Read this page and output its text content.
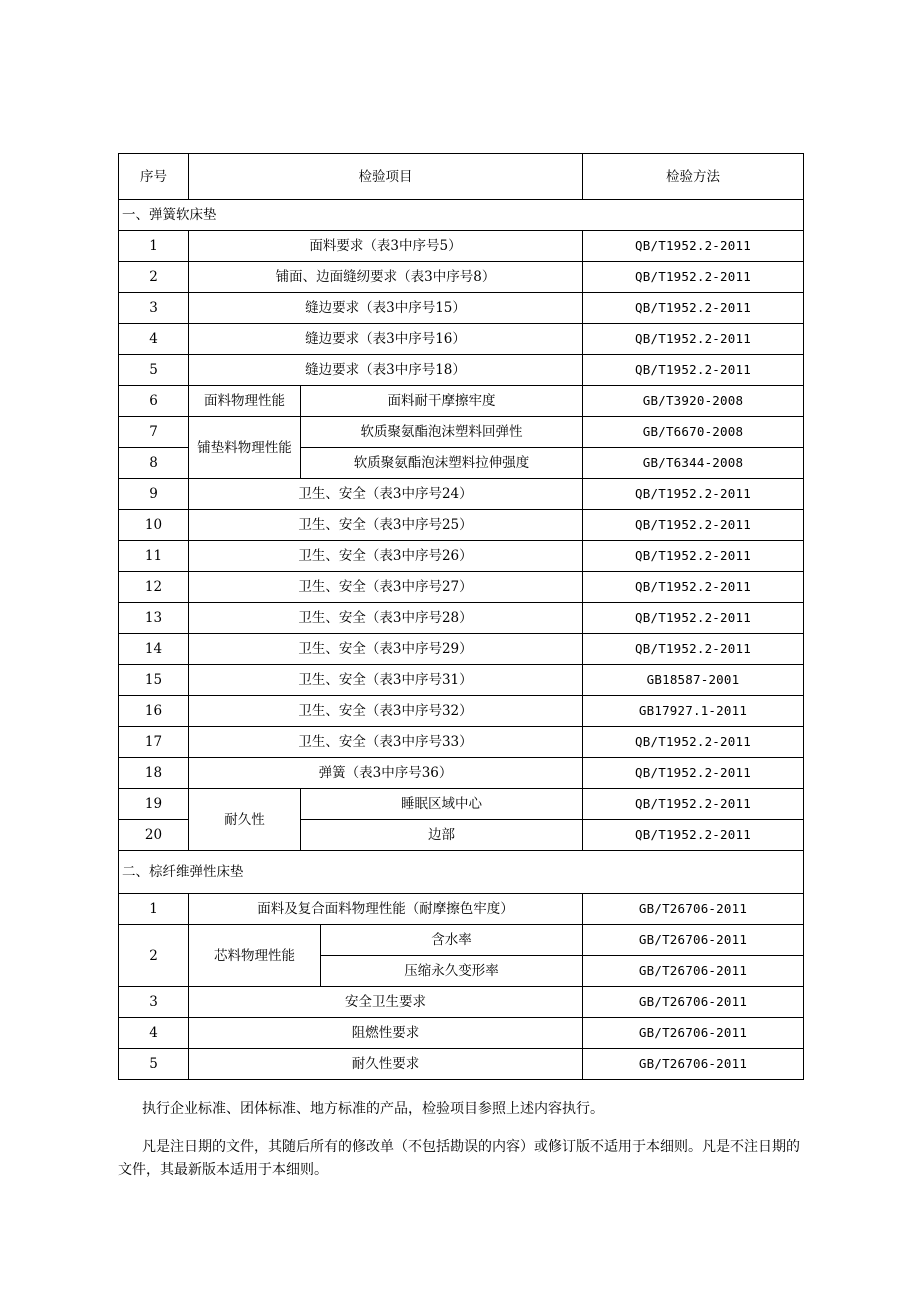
序号	检验项目			检验方法
一、弹簧软床垫				
1	面料要求（表3中序号5）			QB/T1952.2-2011
2	铺面、边面缝纫要求（表3中序号8）			QB/T1952.2-2011
3	缝边要求（表3中序号15）			QB/T1952.2-2011
4	缝边要求（表3中序号16）			QB/T1952.2-2011
5	缝边要求（表3中序号18）			QB/T1952.2-2011
6	面料物理性能	面料耐干摩擦牢度		GB/T3920-2008
7	铺垫料物理性能	软质聚氨酯泡沫塑料回弹性		GB/T6670-2008
8		软质聚氨酯泡沫塑料拉伸强度		GB/T6344-2008
9	卫生、安全（表3中序号24）			QB/T1952.2-2011
10	卫生、安全（表3中序号25）			QB/T1952.2-2011
11	卫生、安全（表3中序号26）			QB/T1952.2-2011
12	卫生、安全（表3中序号27）			QB/T1952.2-2011
13	卫生、安全（表3中序号28）			QB/T1952.2-2011
14	卫生、安全（表3中序号29）			QB/T1952.2-2011
15	卫生、安全（表3中序号31）			GB18587-2001
16	卫生、安全（表3中序号32）			GB17927.1-2011
17	卫生、安全（表3中序号33）			QB/T1952.2-2011
18	弹簧（表3中序号36）			QB/T1952.2-2011
19	耐久性	睡眠区域中心		QB/T1952.2-2011
20		边部		QB/T1952.2-2011
二、棕纤维弹性床垫				
1	面料及复合面料物理性能（耐摩擦色牢度）			GB/T26706-2011
2	芯料物理性能		含水率	GB/T26706-2011
			压缩永久变形率	GB/T26706-2011
3	安全卫生要求			GB/T26706-2011
4	阻燃性要求			GB/T26706-2011
5	耐久性要求			GB/T26706-2011
执行企业标准、团体标准、地方标准的产品，检验项目参照上述内容执行。
凡是注日期的文件，其随后所有的修改单（不包括勘误的内容）或修订版不适用于本细则。凡是不注日期的文件，其最新版本适用于本细则。
